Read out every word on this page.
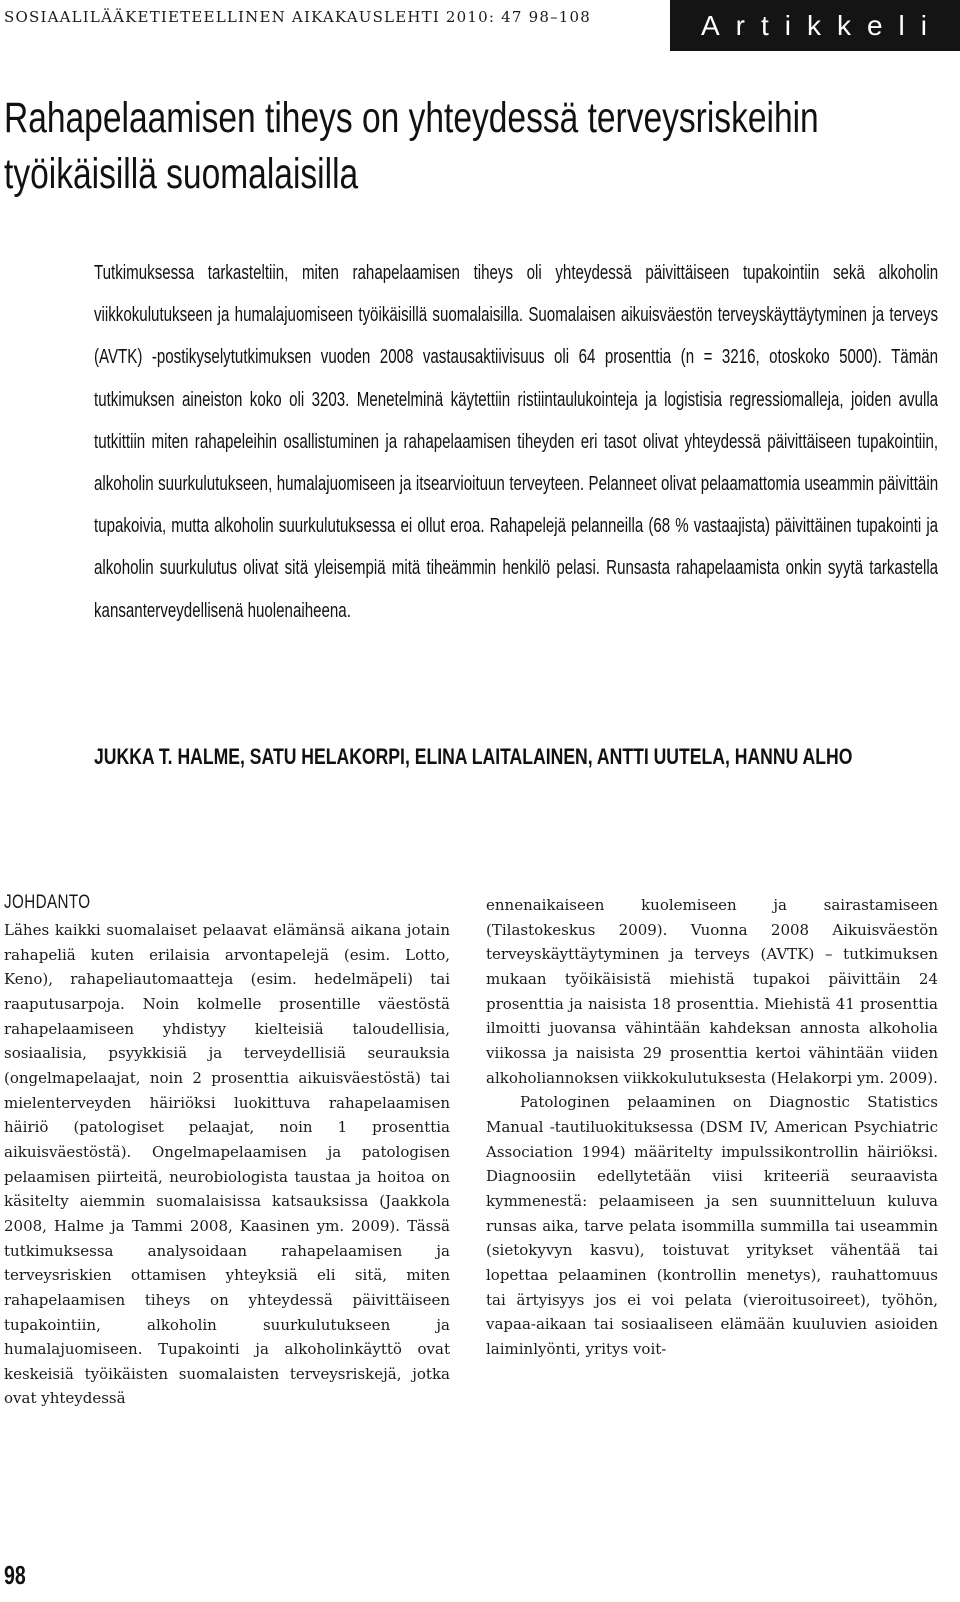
SOSIAALILÄÄKETIETEELLINEN AIKAKAUSLEHTI 2010: 47 98–108	Artikkeli
Rahapelaamisen tiheys on yhteydessä terveysriskeihin työikäisillä suomalaisilla

Tutkimuksessa tarkasteltiin, miten rahapelaamisen tiheys oli yhteydessä päivittäiseen tupakointiin sekä alkoholin viikkokulutukseen ja humalajuomiseen työikäisillä suomalaisilla. Suomalaisen aikuisväestön terveyskäyttäytyminen ja terveys (AVTK) -postikyselytutkimuksen vuoden 2008 vastausaktiivisuus oli 64 prosenttia (n = 3216, otoskoko 5000). Tämän tutkimuksen aineiston koko oli 3203. Menetelminä käytettiin ristiintaulukointeja ja logistisia regressiomalleja, joiden avulla tutkittiin miten rahapeleihin osallistuminen ja rahapelaamisen tiheyden eri tasot olivat yhteydessä päivittäiseen tupakointiin, alkoholin suurkulutukseen, humalajuomiseen ja itsearvioituun terveyteen. Pelanneet olivat pelaamattomia useammin päivittäin tupakoivia, mutta alkoholin suurkulutuksessa ei ollut eroa. Rahapelejä pelanneilla (68 % vastaajista) päivittäinen tupakointi ja alkoholin suurkulutus olivat sitä yleisempiä mitä tiheämmin henkilö pelasi. Runsasta rahapelaamista onkin syytä tarkastella kansanterveydellisenä huolenaiheena.

JUKKA T. HALME, SATU HELAKORPI, ELINA LAITALAINEN, ANTTI UUTELA, HANNU ALHO

JOHDANTO

Lähes kaikki suomalaiset pelaavat elämänsä aikana jotain rahapeliä kuten erilaisia arvontapelejä (esim. Lotto, Keno), rahapeliautomaatteja (esim. hedelmäpeli) tai raaputusarpoja. Noin kolmelle prosentille väestöstä rahapelaamiseen yhdistyy kielteisiä taloudellisia, sosiaalisia, psyykkisiä ja terveydellisiä seurauksia (ongelmapelaajat, noin 2 prosenttia aikuisväestöstä) tai mielenterveyden häiriöksi luokittuva rahapelaamisen häiriö (patologiset pelaajat, noin 1 prosenttia aikuisväestöstä). Ongelmapelaamisen ja patologisen pelaamisen piirteitä, neurobiologista taustaa ja hoitoa on käsitelty aiemmin suomalaisissa katsauksissa (Jaakkola 2008, Halme ja Tammi 2008, Kaasinen ym. 2009). Tässä tutkimuksessa analysoidaan rahapelaamisen ja terveysriskien ottamisen yhteyksiä eli sitä, miten rahapelaamisen tiheys on yhteydessä päivittäiseen tupakointiin, alkoholin suurkulutukseen ja humalajuomiseen. Tupakointi ja alkoholinkäyttö ovat keskeisiä työikäisten suomalaisten terveysriskejä, jotka ovat yhteydessä

ennenaikaiseen kuolemiseen ja sairastamiseen (Tilastokeskus 2009). Vuonna 2008 Aikuisväestön terveyskäyttäytyminen ja terveys (AVTK) – tutkimuksen mukaan työikäisistä miehistä tupakoi päivittäin 24 prosenttia ja naisista 18 prosenttia. Miehistä 41 prosenttia ilmoitti juovansa vähintään kahdeksan annosta alkoholia viikossa ja naisista 29 prosenttia kertoi vähintään viiden alkoholiannoksen viikkokulutuksesta (Helakorpi ym. 2009).

Patologinen pelaaminen on Diagnostic Statistics Manual -tautiluokituksessa (DSM IV, American Psychiatric Association 1994) määritelty impulssikontrollin häiriöksi. Diagnoosiin edellytetään viisi kriteeriä seuraavista kymmenestä: pelaamiseen ja sen suunnitteluun kuluva runsas aika, tarve pelata isommilla summilla tai useammin (sietokyvyn kasvu), toistuvat yritykset vähentää tai lopettaa pelaaminen (kontrollin menetys), rauhattomuus tai ärtyisyys jos ei voi pelata (vieroitusoireet), työhön, vapaa-aikaan tai sosiaaliseen elämään kuuluvien asioiden laiminlyönti, yritys voit-

98
